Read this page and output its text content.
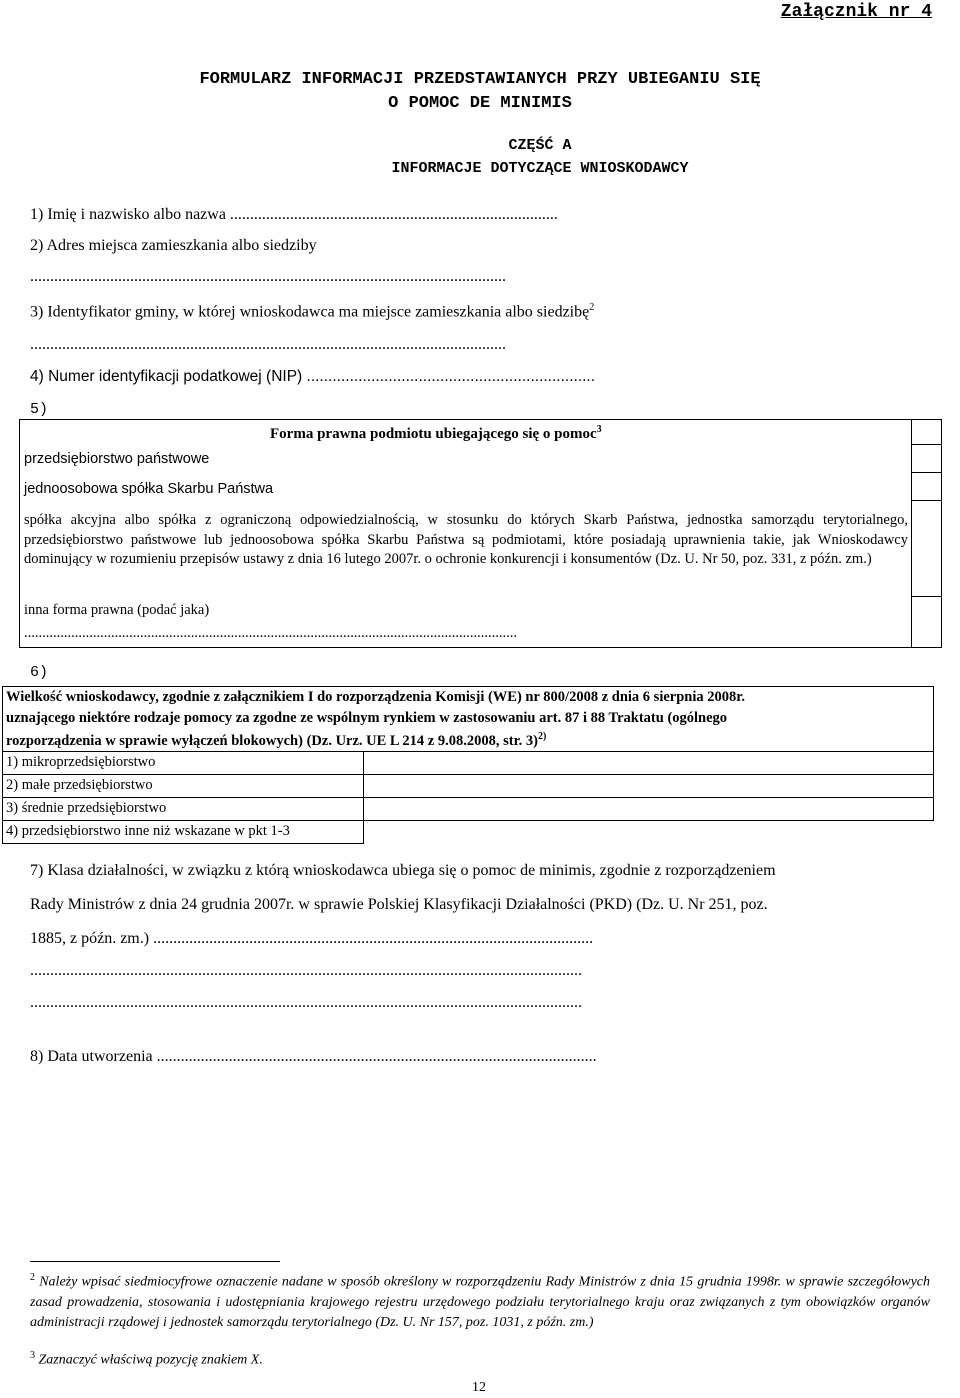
Załącznik nr 4
FORMULARZ INFORMACJI PRZEDSTAWIANYCH PRZY UBIEGANIU SIĘ
O POMOC DE MINIMIS
CZĘŚĆ A
INFORMACJE DOTYCZĄCE WNIOSKODAWCY
1) Imię i nazwisko albo nazwa ..................................................................................
2) Adres miejsca zamieszkania albo siedziby
.......................................................................................................................
3) Identyfikator gminy, w której wnioskodawca ma miejsce zamieszkania albo siedzibę$^2$
.......................................................................................................................
4) Numer identyfikacji podatkowej (NIP) ...................................................................
5)
Forma prawna podmiotu ubiegającego się o pomoc$^3$
przedsiębiorstwo państwowe
jednoosobowa spółka Skarbu Państwa
spółka akcyjna albo spółka z ograniczoną odpowiedzialnością, w stosunku do których Skarb Państwa, jednostka samorządu terytorialnego, przedsiębiorstwo państwowe lub jednoosobowa spółka Skarbu Państwa są podmiotami, które posiadają uprawnienia takie, jak Wnioskodawcy dominujący w rozumieniu przepisów ustawy z dnia 16 lutego 2007r. o ochronie konkurencji i konsumentów (Dz. U. Nr 50, poz. 331, z późn. zm.)
inna forma prawna (podać jaka)
........................................................................................................................................
6)
Wielkość wnioskodawcy, zgodnie z załącznikiem I do rozporządzenia Komisji (WE) nr 800/2008 z dnia 6 sierpnia 2008r.
uznającego niektóre rodzaje pomocy za zgodne ze wspólnym rynkiem w zastosowaniu art. 87 i 88 Traktatu (ogólnego
rozporządzenia w sprawie wyłączeń blokowych) (Dz. Urz. UE L 214 z 9.08.2008, str. 3)$^{2)}$
1) mikroprzedsiębiorstwo
2) małe przedsiębiorstwo
3) średnie przedsiębiorstwo
4) przedsiębiorstwo inne niż wskazane w pkt 1-3
7) Klasa działalności, w związku z którą wnioskodawca ubiega się o pomoc de minimis, zgodnie z rozporządzeniem
Rady Ministrów z dnia 24 grudnia 2007r. w sprawie Polskiej Klasyfikacji Działalności (PKD) (Dz. U. Nr 251, poz.
1885, z późn. zm.) ..............................................................................................................
..........................................................................................................................................
..........................................................................................................................................
8) Data utworzenia ..............................................................................................................
$^2$ Należy wpisać siedmiocyfrowe oznaczenie nadane w sposób określony w rozporządzeniu Rady Ministrów z dnia 15 grudnia 1998r. w sprawie szczegółowych zasad prowadzenia, stosowania i udostępniania krajowego rejestru urzędowego podziału terytorialnego kraju oraz związanych z tym obowiązków organów administracji rządowej i jednostek samorządu terytorialnego (Dz. U. Nr 157, poz. 1031, z późn. zm.)
$^3$ Zaznaczyć właściwą pozycję znakiem X.
12
